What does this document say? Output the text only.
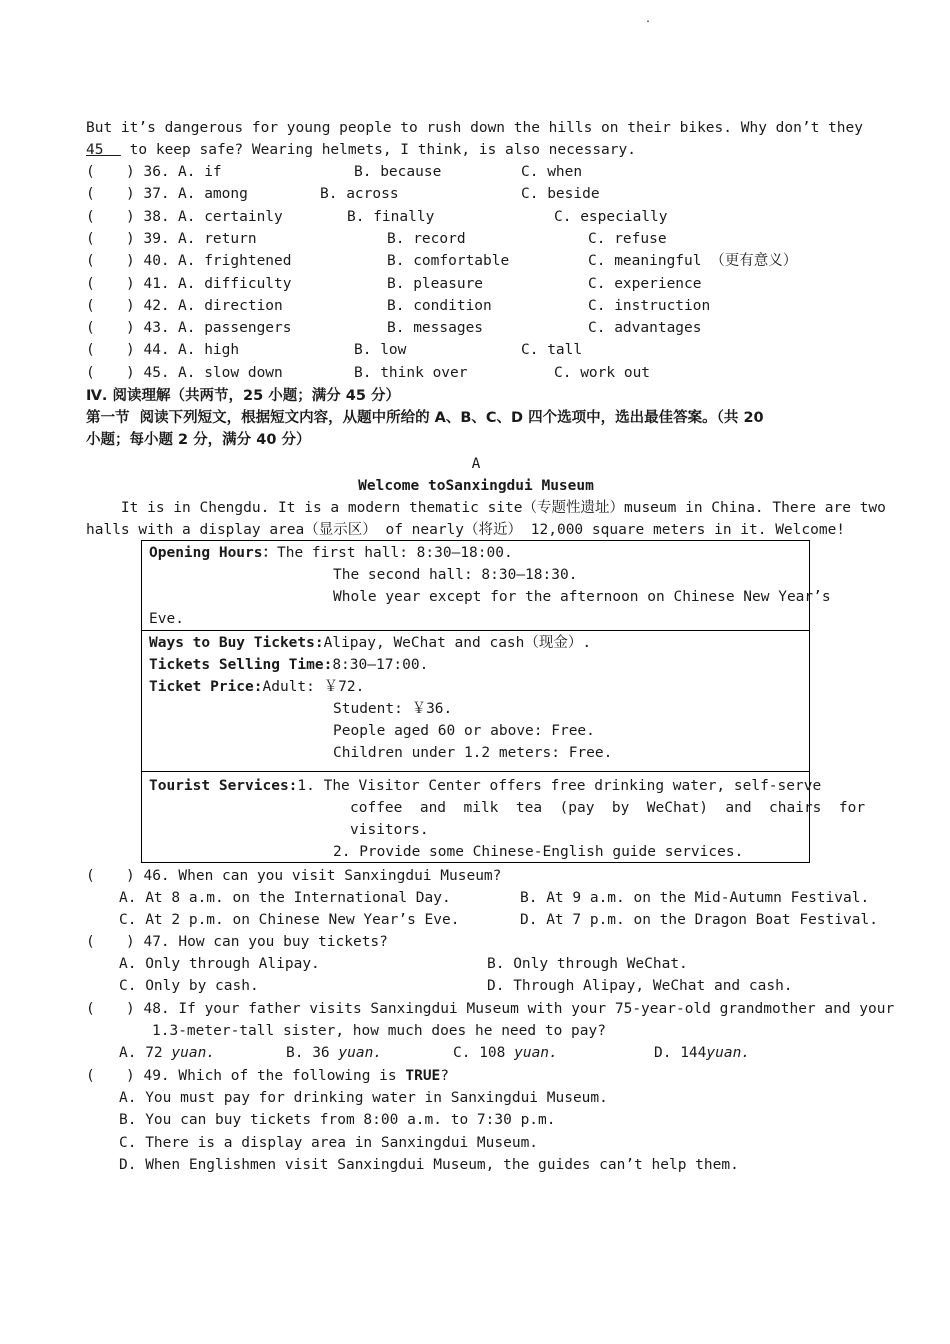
.
But it’s dangerous for young people to rush down the hills on their bikes. Why don’t they
45   to keep safe? Wearing helmets, I think, is also necessary.
( ) 36. A. if	B. because	C. when
( ) 37. A. among	B. across	C. beside
( ) 38. A. certainly	B. finally	C. especially
( ) 39. A. return	B. record	C. refuse
( ) 40. A. frightened	B. comfortable	C. meaningful （更有意义）
( ) 41. A. difficulty	B. pleasure	C. experience
( ) 42. A. direction	B. condition	C. instruction
( ) 43. A. passengers	B. messages	C. advantages
( ) 44. A. high	B. low	C. tall
( ) 45. A. slow down	B. think over	C. work out
Ⅳ. 阅读理解（共两节，25 小题；满分 45 分）
第一节  阅读下列短文，根据短文内容，从题中所给的 A、B、C、D 四个选项中，选出最佳答案。（共 20
小题；每小题 2 分，满分 40 分）
A
Welcome toSanxingdui Museum
It is in Chengdu. It is a modern thematic site（专题性遗址）museum in China. There are two
halls with a display area（显示区） of nearly（将近） 12,000 square meters in it. Welcome!
Opening Hours：The first hall: 8:30—18:00.
The second hall: 8:30—18:30.
Whole year except for the afternoon on Chinese New Year’s
Eve.
Ways to Buy Tickets:Alipay, WeChat and cash（现金）.
Tickets Selling Time:8:30—17:00.
Ticket Price:Adult: ￥72.
Student: ￥36.
People aged 60 or above: Free.
Children under 1.2 meters: Free.
Tourist Services:1. The Visitor Center offers free drinking water, self-serve
coffee  and  milk  tea  (pay  by  WeChat)  and  chairs  for
visitors.
2. Provide some Chinese-English guide services.
( ) 46. When can you visit Sanxingdui Museum?
A. At 8 a.m. on the International Day.	B. At 9 a.m. on the Mid-Autumn Festival.
C. At 2 p.m. on Chinese New Year’s Eve.	D. At 7 p.m. on the Dragon Boat Festival.
( ) 47. How can you buy tickets?
A. Only through Alipay.	B. Only through WeChat.
C. Only by cash.	D. Through Alipay, WeChat and cash.
( ) 48. If your father visits Sanxingdui Museum with your 75-year-old grandmother and your
1.3-meter-tall sister, how much does he need to pay?
A. 72 yuan.	B. 36 yuan.	C. 108 yuan.	D. 144yuan.
( ) 49. Which of the following is TRUE?
A. You must pay for drinking water in Sanxingdui Museum.
B. You can buy tickets from 8:00 a.m. to 7:30 p.m.
C. There is a display area in Sanxingdui Museum.
D. When Englishmen visit Sanxingdui Museum, the guides can’t help them.
